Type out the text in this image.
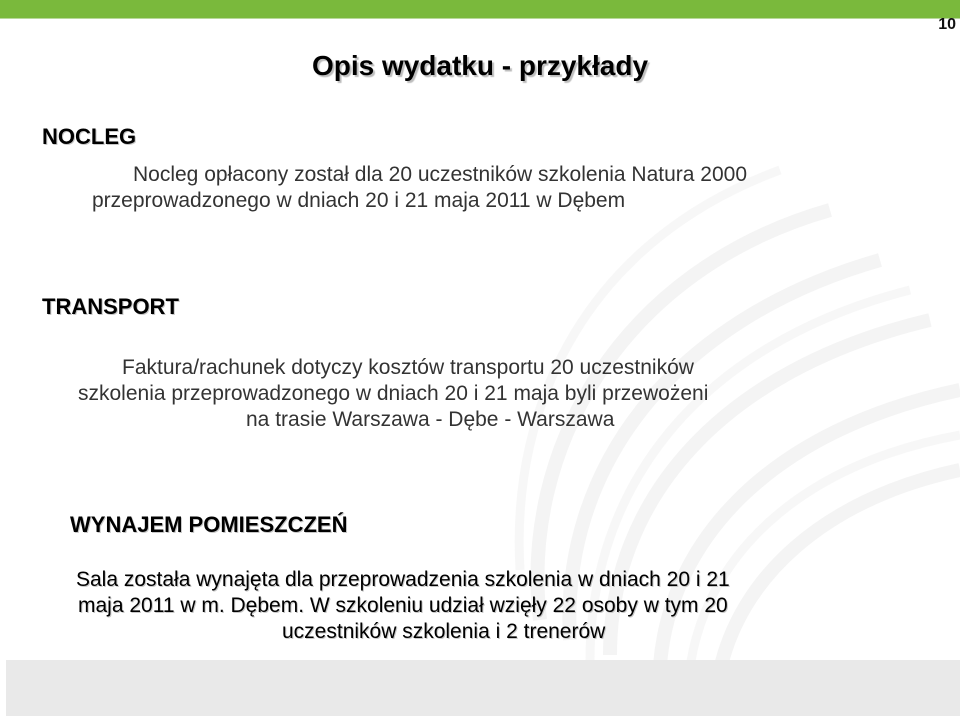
10
Opis wydatku - przykłady
NOCLEG
Nocleg opłacony został dla 20 uczestników szkolenia Natura 2000
przeprowadzonego w dniach 20 i 21 maja 2011 w Dębem
TRANSPORT
Faktura/rachunek dotyczy kosztów transportu 20 uczestników
szkolenia przeprowadzonego w dniach 20 i 21 maja byli przewożeni
na trasie Warszawa - Dębe - Warszawa
WYNAJEM POMIESZCZEŃ
Sala została wynajęta dla przeprowadzenia szkolenia w dniach 20 i 21
maja 2011 w m. Dębem. W szkoleniu udział wzięły 22 osoby w tym 20
uczestników szkolenia i 2 trenerów
